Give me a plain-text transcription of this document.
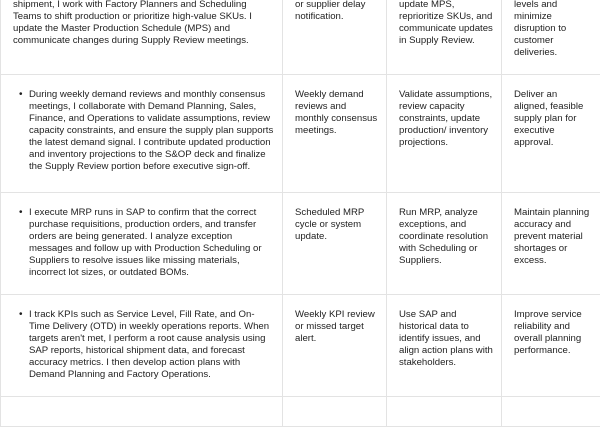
shipment, I work with Factory Planners and Scheduling Teams to shift production or prioritize high-value SKUs. I update the Master Production Schedule (MPS) and communicate changes during Supply Review meetings.

or supplier delay notification.

update MPS, reprioritize SKUs, and communicate updates in Supply Review.

levels and minimize disruption to customer deliveries.

• During weekly demand reviews and monthly consensus meetings, I collaborate with Demand Planning, Sales, Finance, and Operations to validate assumptions, review capacity constraints, and ensure the supply plan supports the latest demand signal. I contribute updated production and inventory projections to the S&OP deck and finalize the Supply Review portion before executive sign-off.

Weekly demand reviews and monthly consensus meetings.

Validate assumptions, review capacity constraints, update production/ inventory projections.

Deliver an aligned, feasible supply plan for executive approval.

• I execute MRP runs in SAP to confirm that the correct purchase requisitions, production orders, and transfer orders are being generated. I analyze exception messages and follow up with Production Scheduling or Suppliers to resolve issues like missing materials, incorrect lot sizes, or outdated BOMs.

Scheduled MRP cycle or system update.

Run MRP, analyze exceptions, and coordinate resolution with Scheduling or Suppliers.

Maintain planning accuracy and prevent material shortages or excess.

• I track KPIs such as Service Level, Fill Rate, and On-Time Delivery (OTD) in weekly operations reports. When targets aren't met, I perform a root cause analysis using SAP reports, historical shipment data, and forecast accuracy metrics. I then develop action plans with Demand Planning and Factory Operations.

Weekly KPI review or missed target alert.

Use SAP and historical data to identify issues, and align action plans with stakeholders.

Improve service reliability and overall planning performance.
